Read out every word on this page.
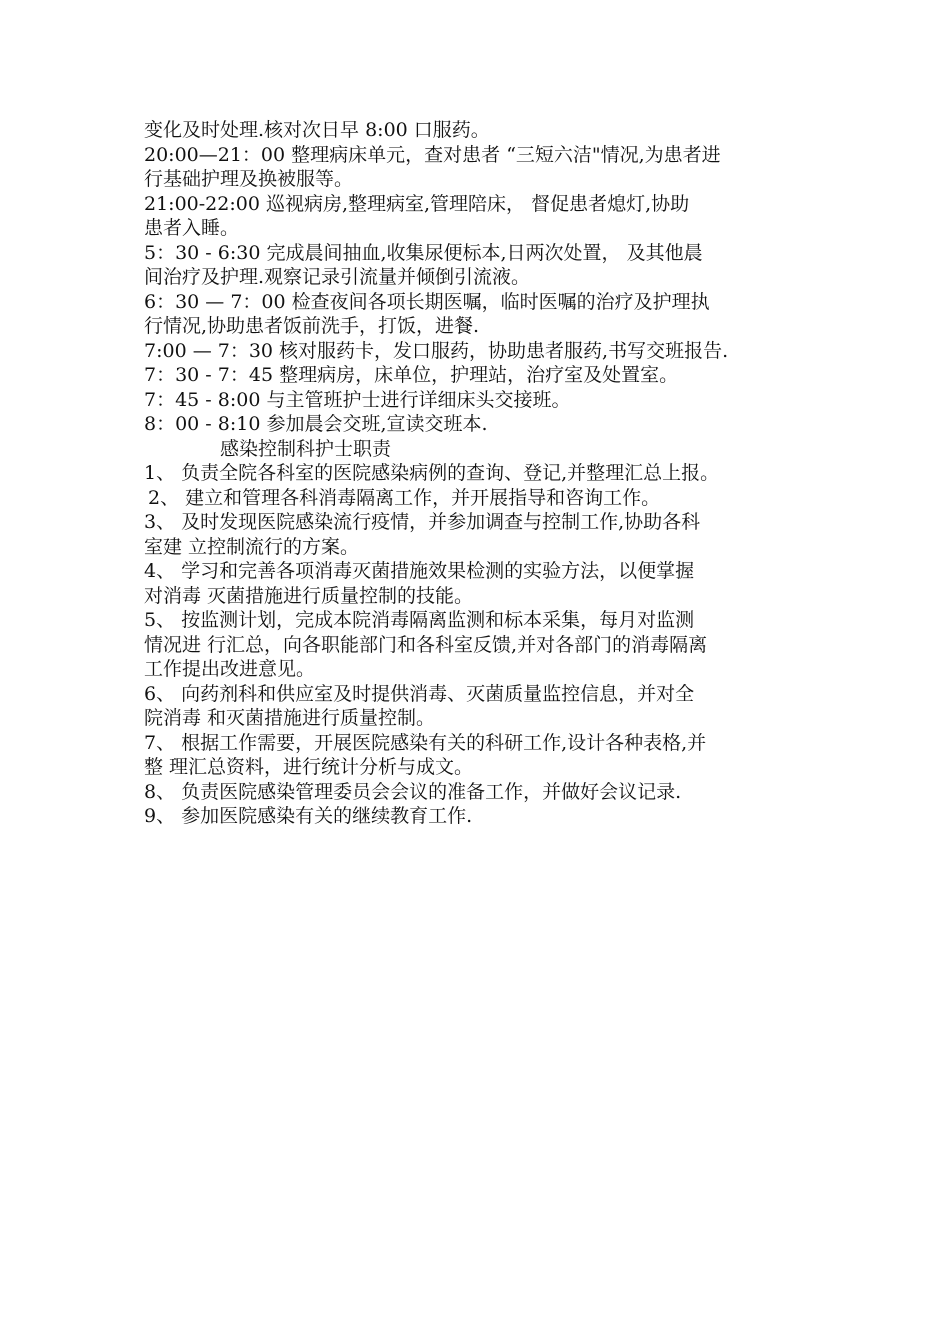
变化及时处理.核对次日早 8:00 口服药。
20:00—21：00 整理病床单元，查对患者 “三短六洁"情况,为患者进
行基础护理及换被服等。
21:00-22:00 巡视病房,整理病室,管理陪床， 督促患者熄灯,协助
患者入睡。
5：30 - 6:30 完成晨间抽血,收集尿便标本,日两次处置， 及其他晨
间治疗及护理.观察记录引流量并倾倒引流液。
6：30 — 7：00 检查夜间各项长期医嘱，临时医嘱的治疗及护理执
行情况,协助患者饭前洗手，打饭，进餐.
7:00 — 7：30 核对服药卡，发口服药，协助患者服药,书写交班报告.
7：30 - 7：45 整理病房，床单位，护理站，治疗室及处置室。
7：45 - 8:00 与主管班护士进行详细床头交接班。
8：00 - 8:10 参加晨会交班,宣读交班本.
感染控制科护士职责
1、 负责全院各科室的医院感染病例的查询、登记,并整理汇总上报。
2、 建立和管理各科消毒隔离工作，并开展指导和咨询工作。
3、 及时发现医院感染流行疫情，并参加调查与控制工作,协助各科
室建 立控制流行的方案。
4、 学习和完善各项消毒灭菌措施效果检测的实验方法，以便掌握
对消毒 灭菌措施进行质量控制的技能。
5、 按监测计划，完成本院消毒隔离监测和标本采集，每月对监测
情况进 行汇总，向各职能部门和各科室反馈,并对各部门的消毒隔离
工作提出改进意见。
6、 向药剂科和供应室及时提供消毒、灭菌质量监控信息，并对全
院消毒 和灭菌措施进行质量控制。
7、 根据工作需要，开展医院感染有关的科研工作,设计各种表格,并
整 理汇总资料，进行统计分析与成文。
8、 负责医院感染管理委员会会议的准备工作，并做好会议记录.
9、 参加医院感染有关的继续教育工作.
